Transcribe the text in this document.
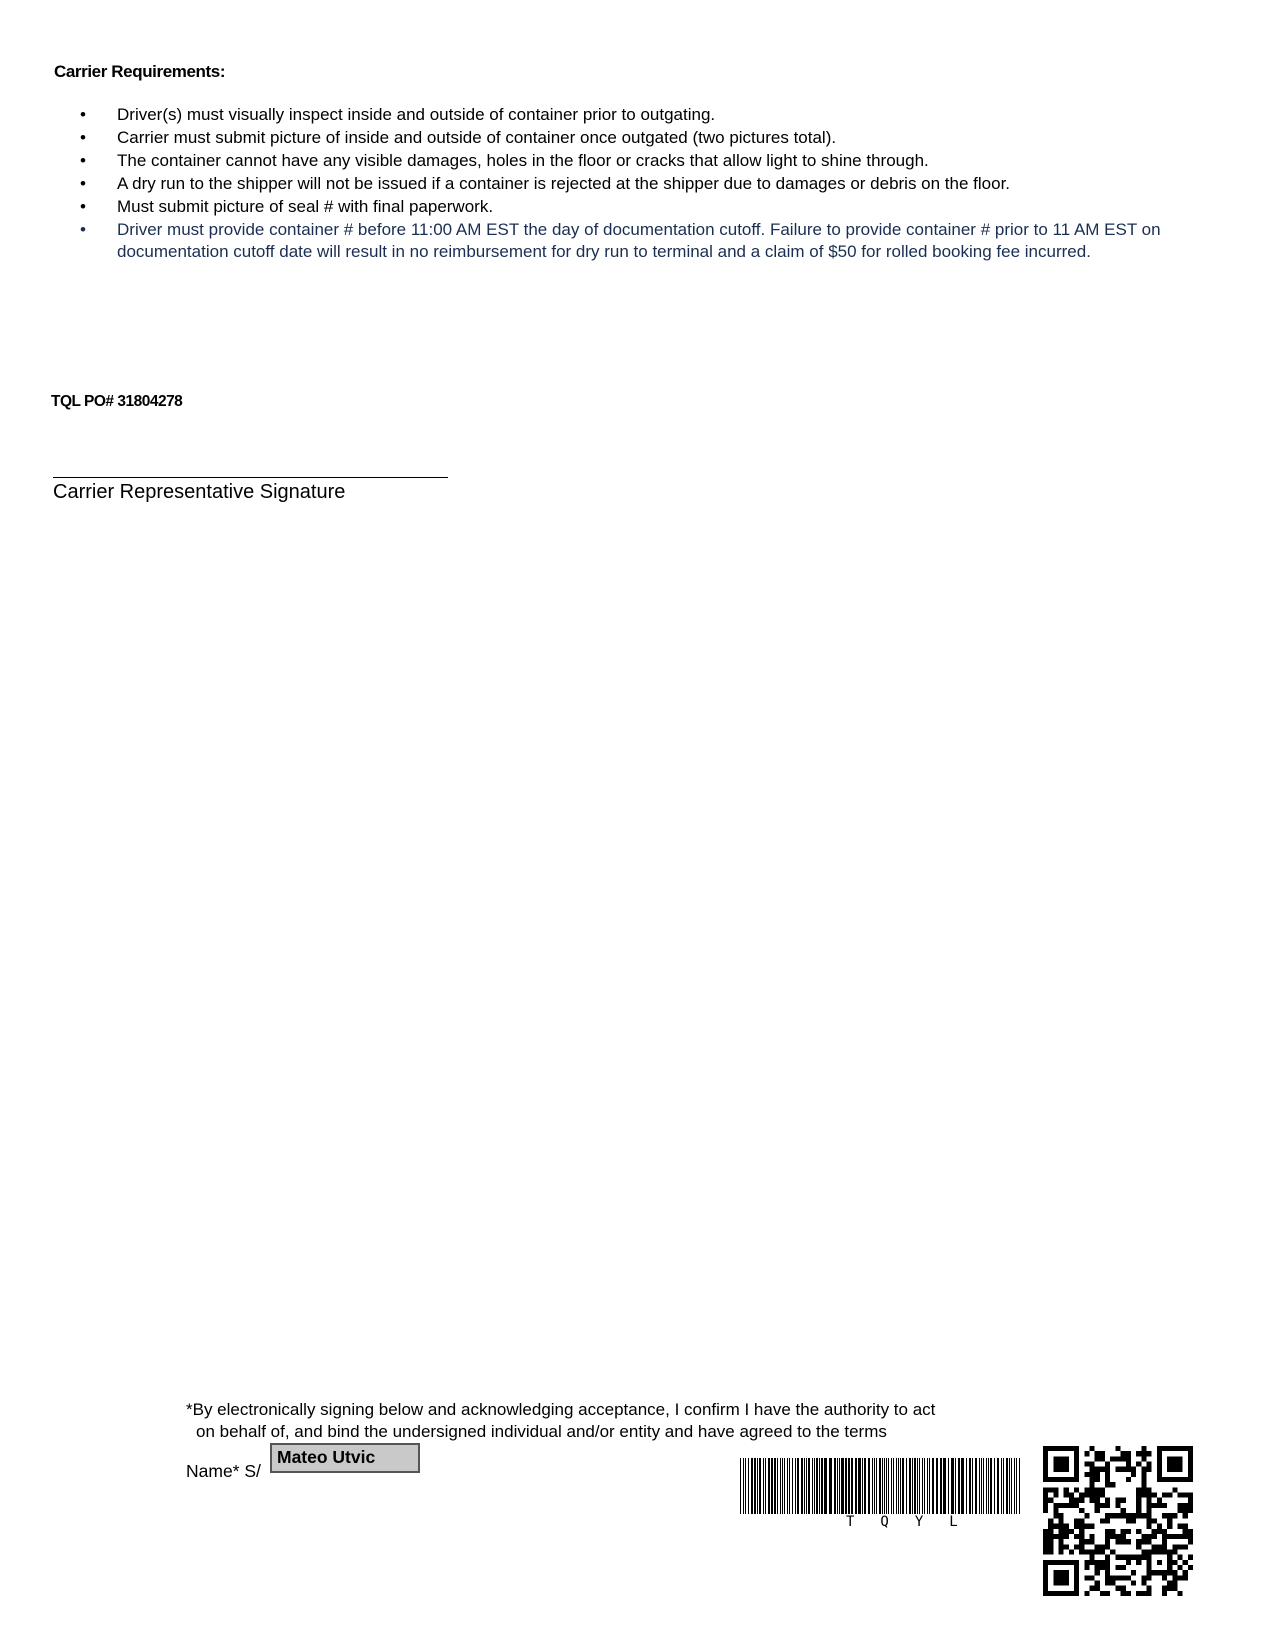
Carrier Requirements:
•	Driver(s) must visually inspect inside and outside of container prior to outgating.
•	Carrier must submit picture of inside and outside of container once outgated (two pictures total).
•	The container cannot have any visible damages, holes in the floor or cracks that allow light to shine through.
•	A dry run to the shipper will not be issued if a container is rejected at the shipper due to damages or debris on the floor.
•	Must submit picture of seal # with final paperwork.
•	Driver must provide container # before 11:00 AM EST the day of documentation cutoff. Failure to provide container # prior to 11 AM EST on documentation cutoff date will result in no reimbursement for dry run to terminal and a claim of $50 for rolled booking fee incurred.
TQL PO# 31804278
Carrier Representative Signature
*By electronically signing below and acknowledging acceptance, I confirm I have the authority to act
on behalf of, and bind the undersigned individual and/or entity and have agreed to the terms
Name* S/
Mateo Utvic
TQYL
